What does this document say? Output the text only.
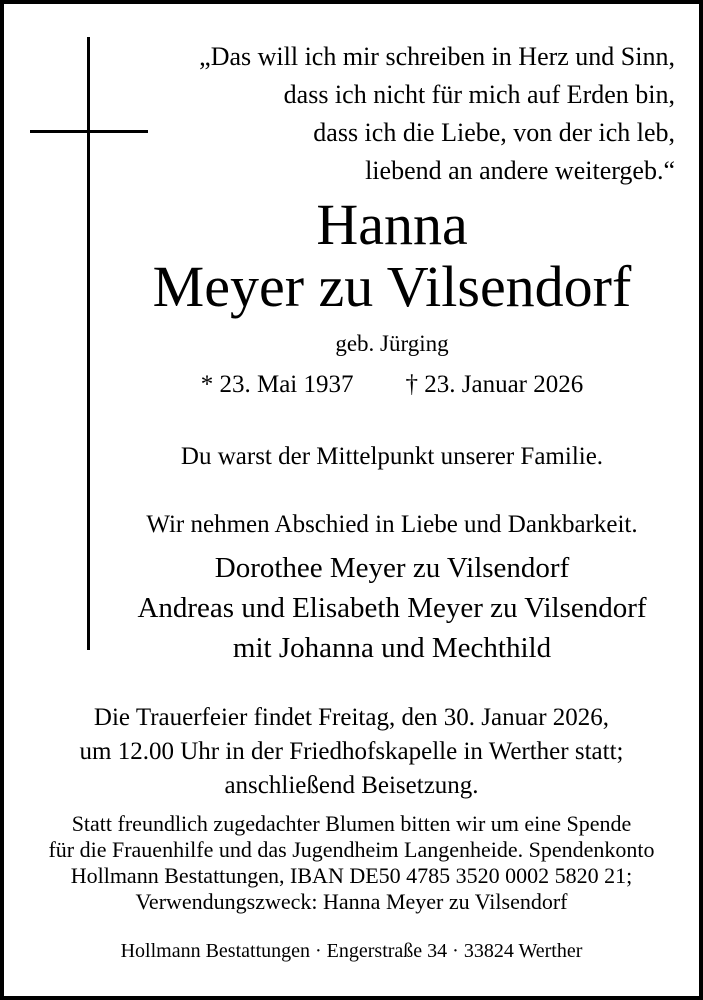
„Das will ich mir schreiben in Herz und Sinn,
dass ich nicht für mich auf Erden bin,
dass ich die Liebe, von der ich leb,
liebend an andere weitergeb.“
Hanna
Meyer zu Vilsendorf
geb. Jürging
* 23. Mai 1937 † 23. Januar 2026
Du warst der Mittelpunkt unserer Familie.
Wir nehmen Abschied in Liebe und Dankbarkeit.
Dorothee Meyer zu Vilsendorf
Andreas und Elisabeth Meyer zu Vilsendorf
mit Johanna und Mechthild
Die Trauerfeier findet Freitag, den 30. Januar 2026,
um 12.00 Uhr in der Friedhofskapelle in Werther statt;
anschließend Beisetzung.
Statt freundlich zugedachter Blumen bitten wir um eine Spende
für die Frauenhilfe und das Jugendheim Langenheide. Spendenkonto
Hollmann Bestattungen, IBAN DE50 4785 3520 0002 5820 21;
Verwendungszweck: Hanna Meyer zu Vilsendorf
Hollmann Bestattungen · Engerstraße 34 · 33824 Werther
